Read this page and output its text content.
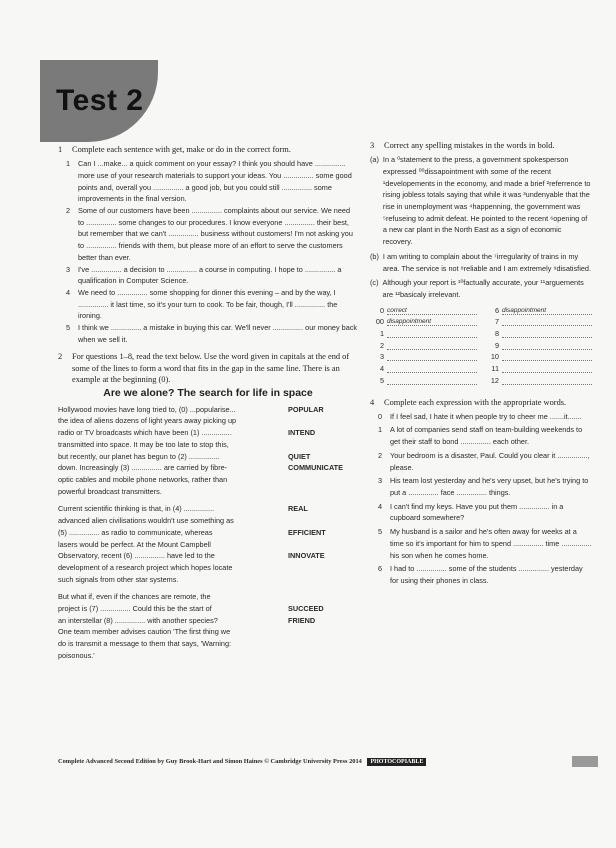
Test 2
1	Complete each sentence with get, make or do in the correct form.
1 Can I ...make... a quick comment on your essay? I think you should have ............... more use of your research materials to support your ideas. You ............... some good points and, overall you ............... a good job, but you could still ............... some improvements in the final version.
2 Some of our customers have been ............... complaints about our service. We need to ............... some changes to our procedures. I know everyone ............... their best, but remember that we can't ............... business without customers! I'm not asking you to ............... friends with them, but please more of an effort to serve the customers better than ever.
3 I've ............... a decision to ............... a course in computing. I hope to ............... a qualification in Computer Science.
4 We need to ............... some shopping for dinner this evening – and by the way, I ............... it last time, so it's your turn to cook. To be fair, though, I'll ............... the ironing.
5 I think we ............... a mistake in buying this car. We'll never ............... our money back when we sell it.
2	For questions 1–8, read the text below. Use the word given in capitals at the end of some of the lines to form a word that fits in the gap in the same line. There is an example at the beginning (0).
Are we alone? The search for life in space
Hollywood movies have long tried to, (0) ...popularise...	POPULAR
the idea of aliens dozens of light years away picking up
radio or TV broadcasts which have been (1) ...............	INTEND
transmitted into space. It may be too late to stop this,
but recently, our planet has begun to (2) ...............	QUIET
down. Increasingly (3) ............... are carried by fibre-	COMMUNICATE
optic cables and mobile phone networks, rather than
powerful broadcast transmitters.
Current scientific thinking is that, in (4) ...............	REAL
advanced alien civilisations wouldn't use something as
(5) ............... as radio to communicate, whereas	EFFICIENT
lasers would be perfect. At the Mount Campbell
Observatory, recent (6) ............... have led to the	INNOVATE
development of a research project which hopes locate
such signals from other star systems.
But what if, even if the chances are remote, the
project is (7) ............... Could this be the start of	SUCCEED
an interstellar (8) ............... with another species?	FRIEND
One team member advises caution 'The first thing we
do is transmit a message to them that says, 'Warning:
poisonous.'
3	Correct any spelling mistakes in the words in bold.
(a) In a ⁰statement to the press, a government spokesperson expressed ⁰⁰dissapointment with some of the recent ¹developements in the economy, and made a brief ²referrence to rising jobless totals saying that while it was ³undenyable that the rise in unemployment was ⁴happenning, the government was ⁵refuseing to admit defeat. He pointed to the recent ⁶opening of a new car plant in the North East as a sign of economic recovery.
(b) I am writing to complain about the ⁷irregularity of trains in my area. The service is not ⁸reliable and I am extremely ⁹disatisfied.
(c) Although your report is ¹⁰factually accurate, your ¹¹arguements are ¹²basicaly irrelevant.
0 correct	6 disappointment
00 disappointment	7
1	8
2	9
3	10
4	11
5	12
4	Complete each expression with the appropriate words.
0 If I feel sad, I hate it when people try to cheer me .......it.......
1 A lot of companies send staff on team-building weekends to get their staff to bond ............... each other.
2 Your bedroom is a disaster, Paul. Could you clear it ..............., please.
3 His team lost yesterday and he's very upset, but he's trying to put a ............... face ............... things.
4 I can't find my keys. Have you put them ............... in a cupboard somewhere?
5 My husband is a sailor and he's often away for weeks at a time so it's important for him to spend ............... time ............... his son when he comes home.
6 I had to ............... some of the students ............... yesterday for using their phones in class.
Complete Advanced Second Edition by Guy Brook-Hart and Simon Haines © Cambridge University Press 2014 PHOTOCOPIABLE
